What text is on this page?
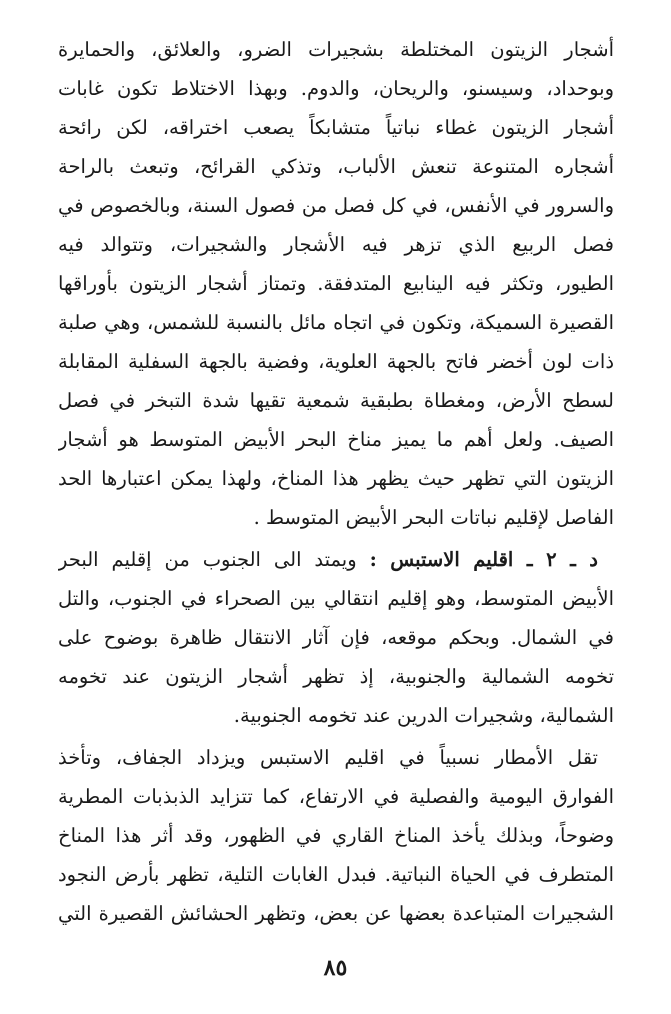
أشجار الزيتون المختلطة بشجيرات الضرو، والعلائق، والحمايرة
وبوحداد، وسيسنو، والريحان، والدوم. وبهذا الاختلاط تكون غابات
أشجار الزيتون غطاء نباتياً متشابكاً يصعب اختراقه، لكن رائحة
أشجاره المتنوعة تنعش الألباب، وتذكي القرائح، وتبعث بالراحة
والسرور في الأنفس، في كل فصل من فصول السنة، وبالخصوص في
فصل الربيع الذي تزهر فيه الأشجار والشجيرات، وتتوالد فيه
الطيور، وتكثر فيه الينابيع المتدفقة. وتمتاز أشجار الزيتون بأوراقها
القصيرة السميكة، وتكون في اتجاه مائل بالنسبة للشمس، وهي صلبة
ذات لون أخضر فاتح بالجهة العلوية، وفضية بالجهة السفلية المقابلة
لسطح الأرض، ومغطاة بطبقية شمعية تقيها شدة التبخر في فصل
الصيف. ولعل أهم ما يميز مناخ البحر الأبيض المتوسط هو أشجار
الزيتون التي تظهر حيث يظهر هذا المناخ، ولهذا يمكن اعتبارها الحد
الفاصل لإقليم نباتات البحر الأبيض المتوسط .
د ـ ٢ ـ اقليم الاستبس : ويمتد الى الجنوب من إقليم البحر
الأبيض المتوسط، وهو إقليم انتقالي بين الصحراء في الجنوب، والتل
في الشمال. وبحكم موقعه، فإن آثار الانتقال ظاهرة بوضوح على
تخومه الشمالية والجنوبية، إذ تظهر أشجار الزيتون عند تخومه
الشمالية، وشجيرات الدرين عند تخومه الجنوبية.
تقل الأمطار نسبياً في اقليم الاستبس ويزداد الجفاف، وتأخذ
الفوارق اليومية والفصلية في الارتفاع، كما تتزايد الذبذبات المطرية
وضوحاً، وبذلك يأخذ المناخ القاري في الظهور، وقد أثر هذا المناخ
المتطرف في الحياة النباتية. فبدل الغابات التلية، تظهر بأرض النجود
الشجيرات المتباعدة بعضها عن بعض، وتظهر الحشائش القصيرة التي
٨٥
